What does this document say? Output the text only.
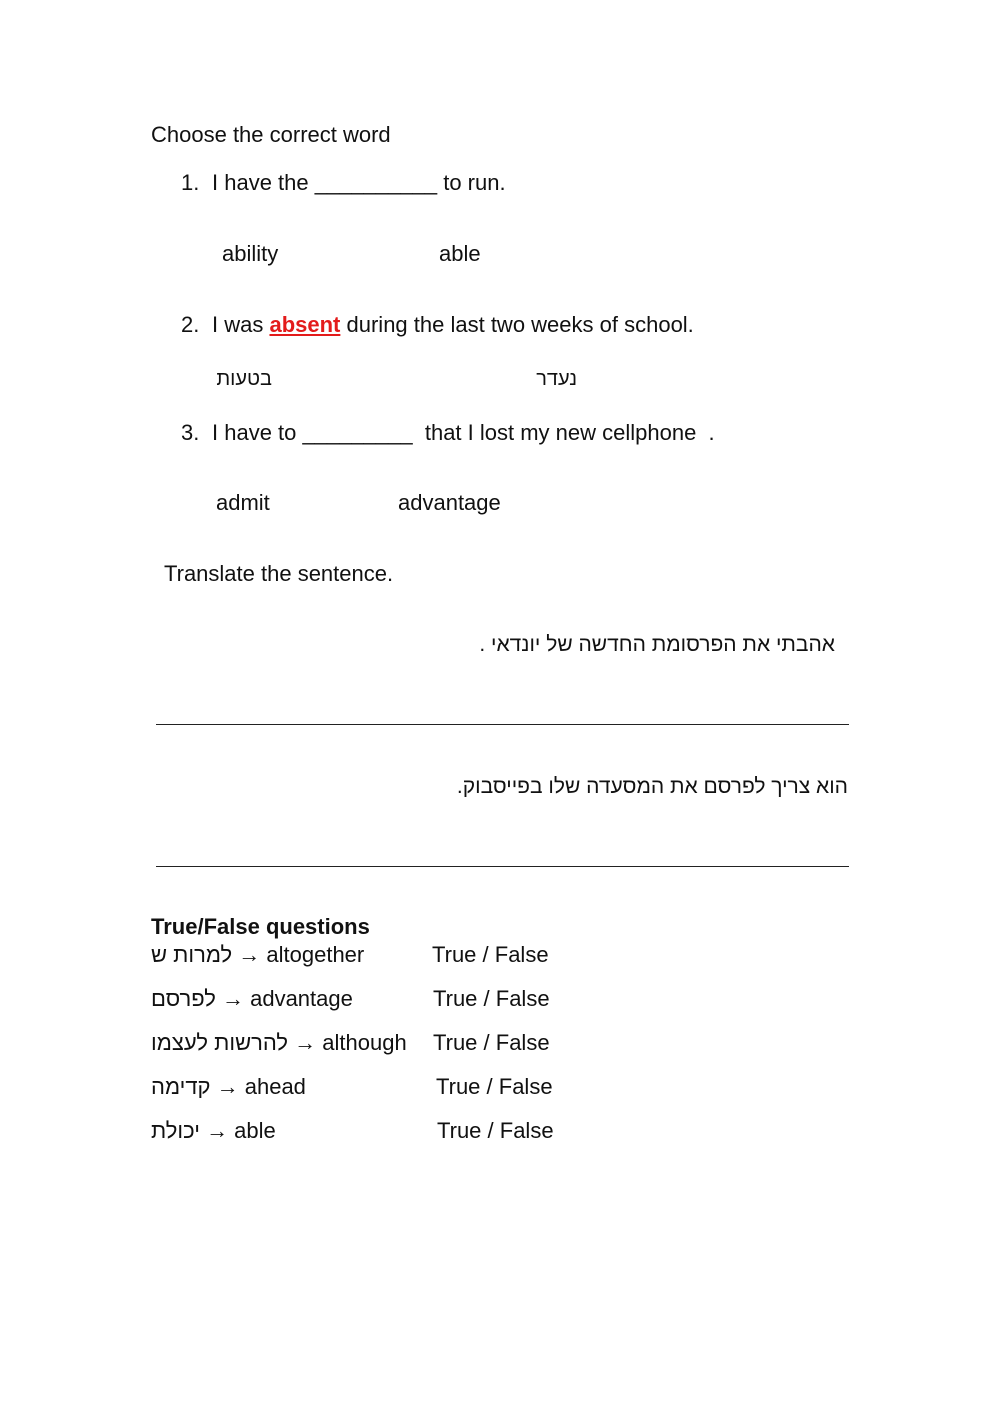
Choose the correct word
1. I have the __________ to run.
ability	able
2. I was absent during the last two weeks of school.
בטעות	נעדר
3. I have to _________  that I lost my new cellphone  .
admit	advantage
Translate the sentence.
אהבתי את הפרסומת החדשה של יונדאי .
הוא צריך לפרסם את המסעדה שלו בפייסבוק.
True/False questions
למרות ש → altogether	True / False
לפרסם → advantage	True / False
להרשות לעצמו → although True / False
קדימה → ahead	True / False
יכולת → able	True / False
